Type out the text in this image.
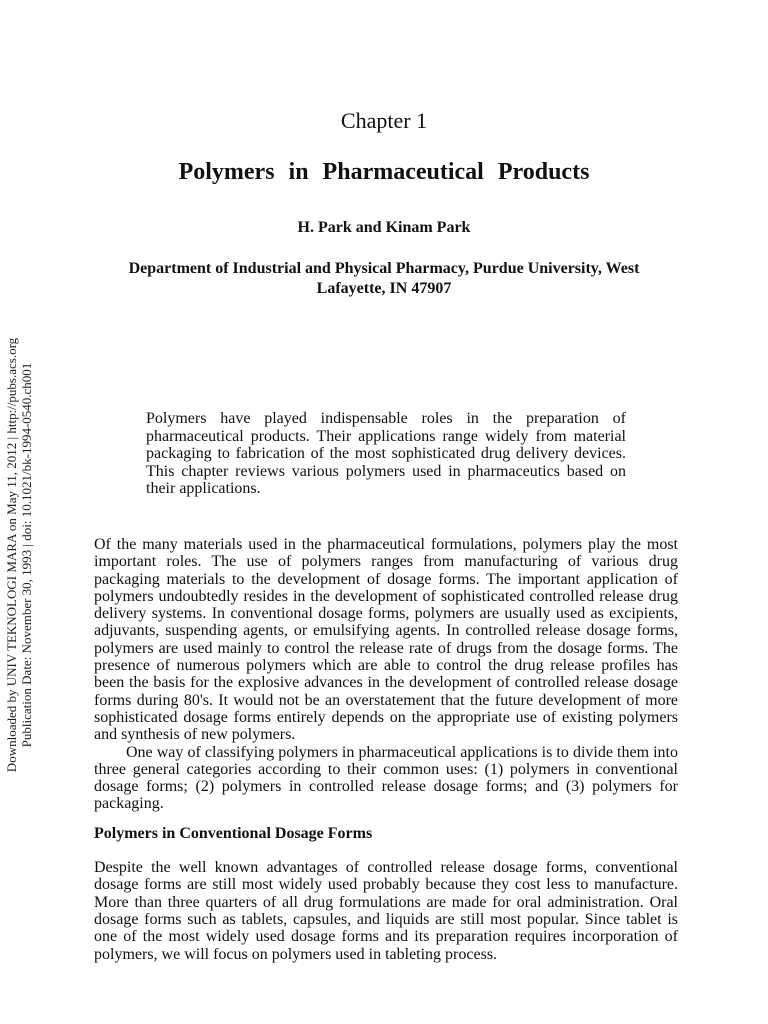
Chapter 1
Polymers in Pharmaceutical Products
H. Park and Kinam Park
Department of Industrial and Physical Pharmacy, Purdue University, West Lafayette, IN 47907
Downloaded by UNIV TEKNOLOGI MARA on May 11, 2012 | http://pubs.acs.org Publication Date: November 30, 1993 | doi: 10.1021/bk-1994-0540.ch001	Polymers have played indispensable roles in the preparation of pharmaceutical products. Their applications range widely from material packaging to fabrication of the most sophisticated drug delivery devices. This chapter reviews various polymers used in pharmaceutics based on their applications.

Of the many materials used in the pharmaceutical formulations, polymers play the most important roles. The use of polymers ranges from manufacturing of various drug packaging materials to the development of dosage forms. The important application of polymers undoubtedly resides in the development of sophisticated controlled release drug delivery systems. In conventional dosage forms, polymers are usually used as excipients, adjuvants, suspending agents, or emulsifying agents. In controlled release dosage forms, polymers are used mainly to control the release rate of drugs from the dosage forms. The presence of numerous polymers which are able to control the drug release profiles has been the basis for the explosive advances in the development of controlled release dosage forms during 80's. It would not be an overstatement that the future development of more sophisticated dosage forms entirely depends on the appropriate use of existing polymers and synthesis of new polymers.

One way of classifying polymers in pharmaceutical applications is to divide them into three general categories according to their common uses: (1) polymers in conventional dosage forms; (2) polymers in controlled release dosage forms; and (3) polymers for packaging.

Polymers in Conventional Dosage Forms

Despite the well known advantages of controlled release dosage forms, conventional dosage forms are still most widely used probably because they cost less to manufacture. More than three quarters of all drug formulations are made for oral administration. Oral dosage forms such as tablets, capsules, and liquids are still most popular. Since tablet is one of the most widely used dosage forms and its preparation requires incorporation of polymers, we will focus on polymers used in tableting process.
